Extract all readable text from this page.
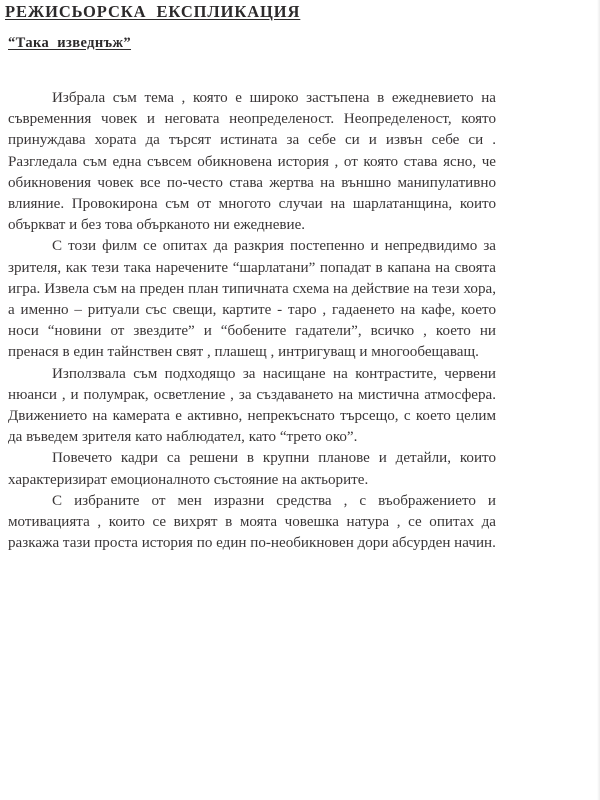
РЕЖИСЬОРСКА  ЕКСПЛИКАЦИЯ
“Така  изведнъж”

Избрала съм тема , която е широко застъпена в ежедневието на съвременния човек и неговата неопределеност. Неопределеност, която принуждава хората да търсят истината за себе си и извън себе си . Разгледала съм една съвсем обикновена история , от която става ясно, че обикновения човек все по-често става жертва на външно манипулативно влияние. Провокирона съм от многото случаи на шарлатанщина, които объркват и без това обърканото ни ежедневие.

С този филм се опитах да разкрия постепенно и непредвидимо за зрителя, как тези така наречените “шарлатани” попадат в капана на своята игра. Извела съм на преден план типичната схема на действие на тези хора, а именно – ритуали със свещи, картите - таро , гадаенето на кафе, което носи “новини от звездите” и “бобените гадатели”, всичко , което ни пренася в един тайнствен свят , плашещ , интригуващ и многообещаващ.

Използвала съм подходящо за насищане на контрастите, червени нюанси , и полумрак, осветление , за създаването на мистична атмосфера. Движението на камерата е активно, непрекъснато търсещо, с което целим да въведем зрителя като наблюдател, като “трето око”.

Повечето кадри са решени в крупни планове и детайли, които характеризират емоционалното състояние на актьорите.

С избраните от мен изразни средства , с въображението и мотивацията , които се вихрят в моята човешка натура , се опитах да разкажа тази проста история по един по-необикновен дори абсурден начин.
